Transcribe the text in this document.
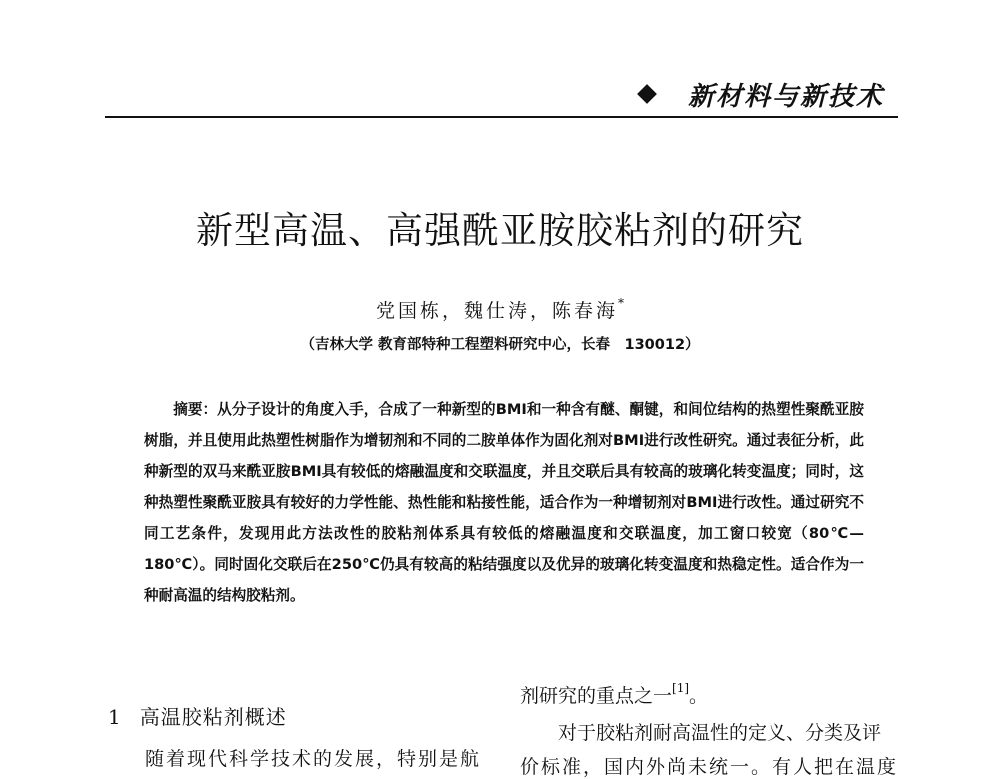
新材料与新技术
新型高温、高强酰亚胺胶粘剂的研究
党国栋，魏仕涛，陈春海*
（吉林大学 教育部特种工程塑料研究中心，长春　130012）

摘要：从分子设计的角度入手，合成了一种新型的BMI和一种含有醚、酮键，和间位结构的热塑性聚酰亚胺树脂，并且使用此热塑性树脂作为增韧剂和不同的二胺单体作为固化剂对BMI进行改性研究。通过表征分析，此种新型的双马来酰亚胺BMI具有较低的熔融温度和交联温度，并且交联后具有较高的玻璃化转变温度；同时，这种热塑性聚酰亚胺具有较好的力学性能、热性能和粘接性能，适合作为一种增韧剂对BMI进行改性。通过研究不同工艺条件，发现用此方法改性的胶粘剂体系具有较低的熔融温度和交联温度，加工窗口较宽（80℃—180℃）。同时固化交联后在250℃仍具有较高的粘结强度以及优异的玻璃化转变温度和热稳定性。适合作为一种耐高温的结构胶粘剂。

1 高温胶粘剂概述
随着现代科学技术的发展，特别是航
剂研究的重点之一[1]。
对于胶粘剂耐高温性的定义、分类及评
价标准，国内外尚未统一。有人把在温度
